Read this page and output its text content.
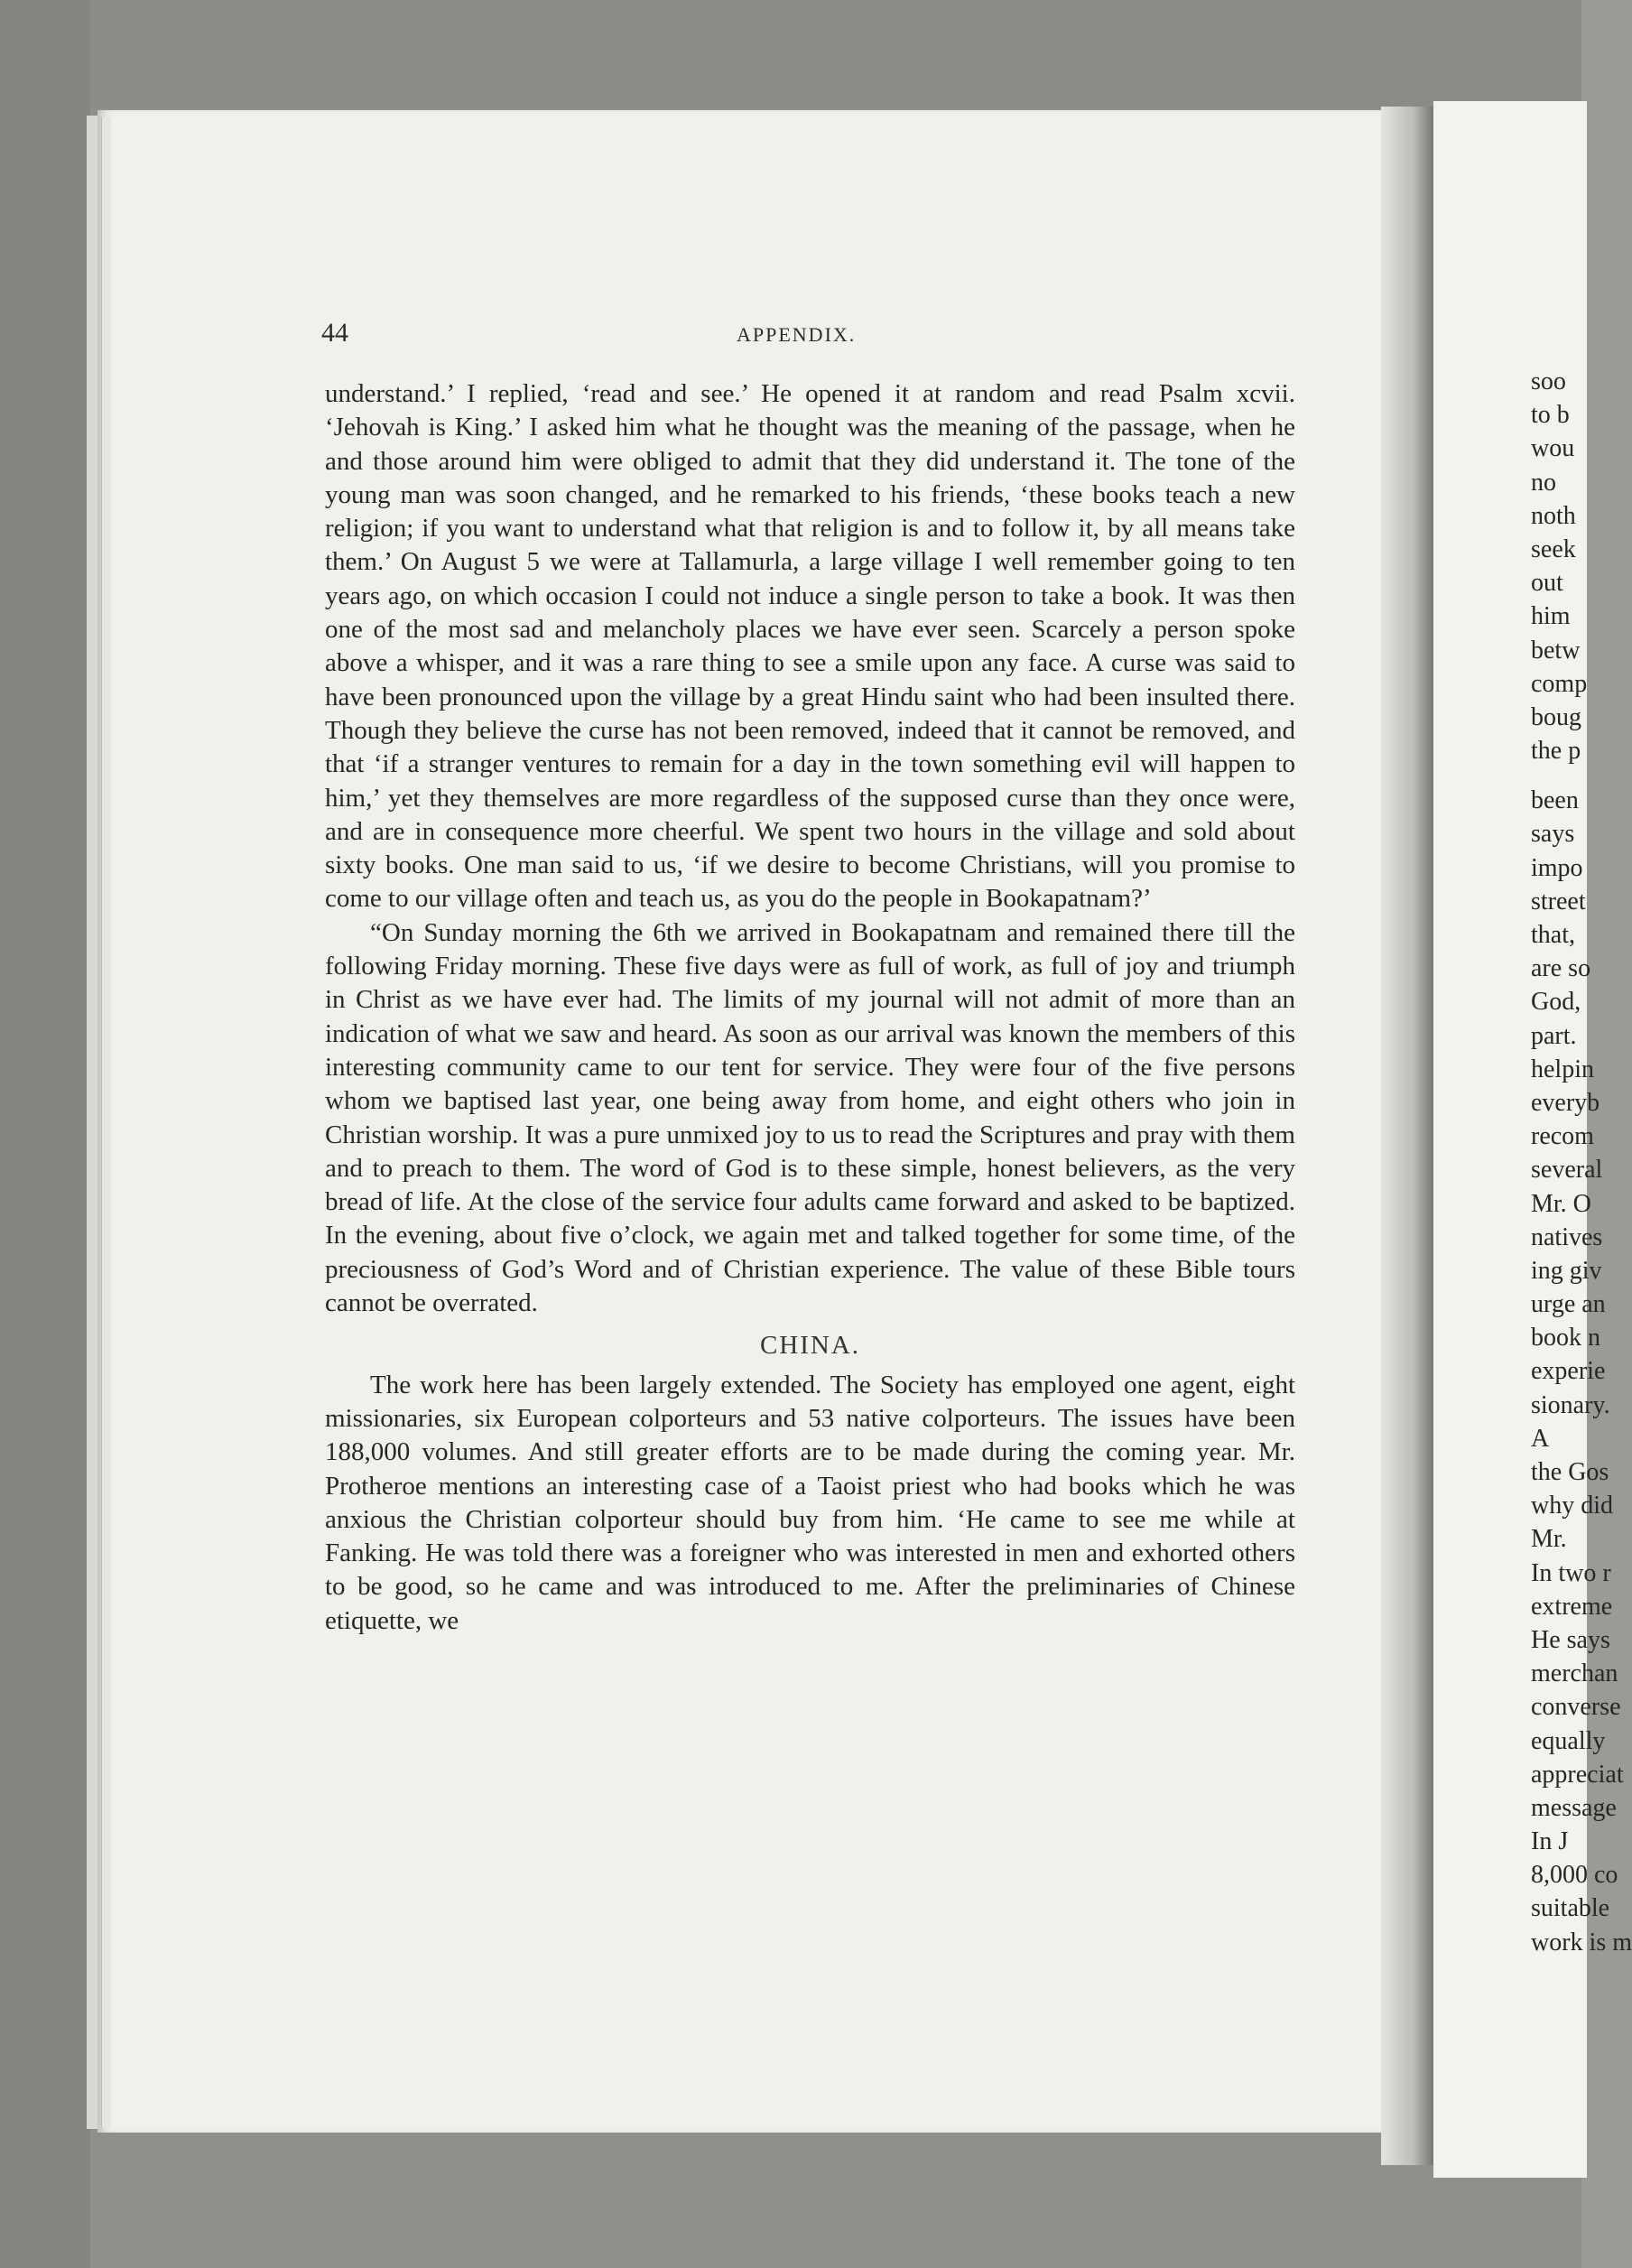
44	APPENDIX.

understand.’ I replied, ‘read and see.’ He opened it at random and read Psalm xcvii. ‘Jehovah is King.’ I asked him what he thought was the meaning of the passage, when he and those around him were obliged to admit that they did understand it. The tone of the young man was soon changed, and he remarked to his friends, ‘these books teach a new religion; if you want to understand what that religion is and to follow it, by all means take them.’ On August 5 we were at Tallamurla, a large village I well remember going to ten years ago, on which occasion I could not induce a single person to take a book. It was then one of the most sad and melancholy places we have ever seen. Scarcely a person spoke above a whisper, and it was a rare thing to see a smile upon any face. A curse was said to have been pronounced upon the village by a great Hindu saint who had been insulted there. Though they believe the curse has not been removed, indeed that it cannot be removed, and that ‘if a stranger ventures to remain for a day in the town something evil will happen to him,’ yet they themselves are more regardless of the supposed curse than they once were, and are in consequence more cheerful. We spent two hours in the village and sold about sixty books. One man said to us, ‘if we desire to become Christians, will you promise to come to our village often and teach us, as you do the people in Bookapatnam?’

“On Sunday morning the 6th we arrived in Bookapatnam and remained there till the following Friday morning. These five days were as full of work, as full of joy and triumph in Christ as we have ever had. The limits of my journal will not admit of more than an indication of what we saw and heard. As soon as our arrival was known the members of this interesting community came to our tent for service. They were four of the five persons whom we baptised last year, one being away from home, and eight others who join in Christian worship. It was a pure unmixed joy to us to read the Scriptures and pray with them and to preach to them. The word of God is to these simple, honest believers, as the very bread of life. At the close of the service four adults came forward and asked to be baptized. In the evening, about five o’clock, we again met and talked together for some time, of the preciousness of God’s Word and of Christian experience. The value of these Bible tours cannot be overrated.

CHINA.

The work here has been largely extended. The Society has employed one agent, eight missionaries, six European colporteurs and 53 native colporteurs. The issues have been 188,000 volumes. And still greater efforts are to be made during the coming year. Mr. Protheroe mentions an interesting case of a Taoist priest who had books which he was anxious the Christian colporteur should buy from him. ‘He came to see me while at Fanking. He was told there was a foreigner who was interested in men and exhorted others to be good, so he came and was introduced to me. After the preliminaries of Chinese etiquette, we

soo
to b
wou
no
noth
seek
out
him
betw
comp
boug
the p
been
says
impo
street
that,
are so
God,
part.
helpin
everyb
recom
several
Mr. O
natives
ing giv
urge an
book n
experie
sionary.
A
the Gos
why did
Mr.
In two r
extreme
He says
merchan
converse
equally
appreciat
message
In J
8,000 co
suitable
work is m
